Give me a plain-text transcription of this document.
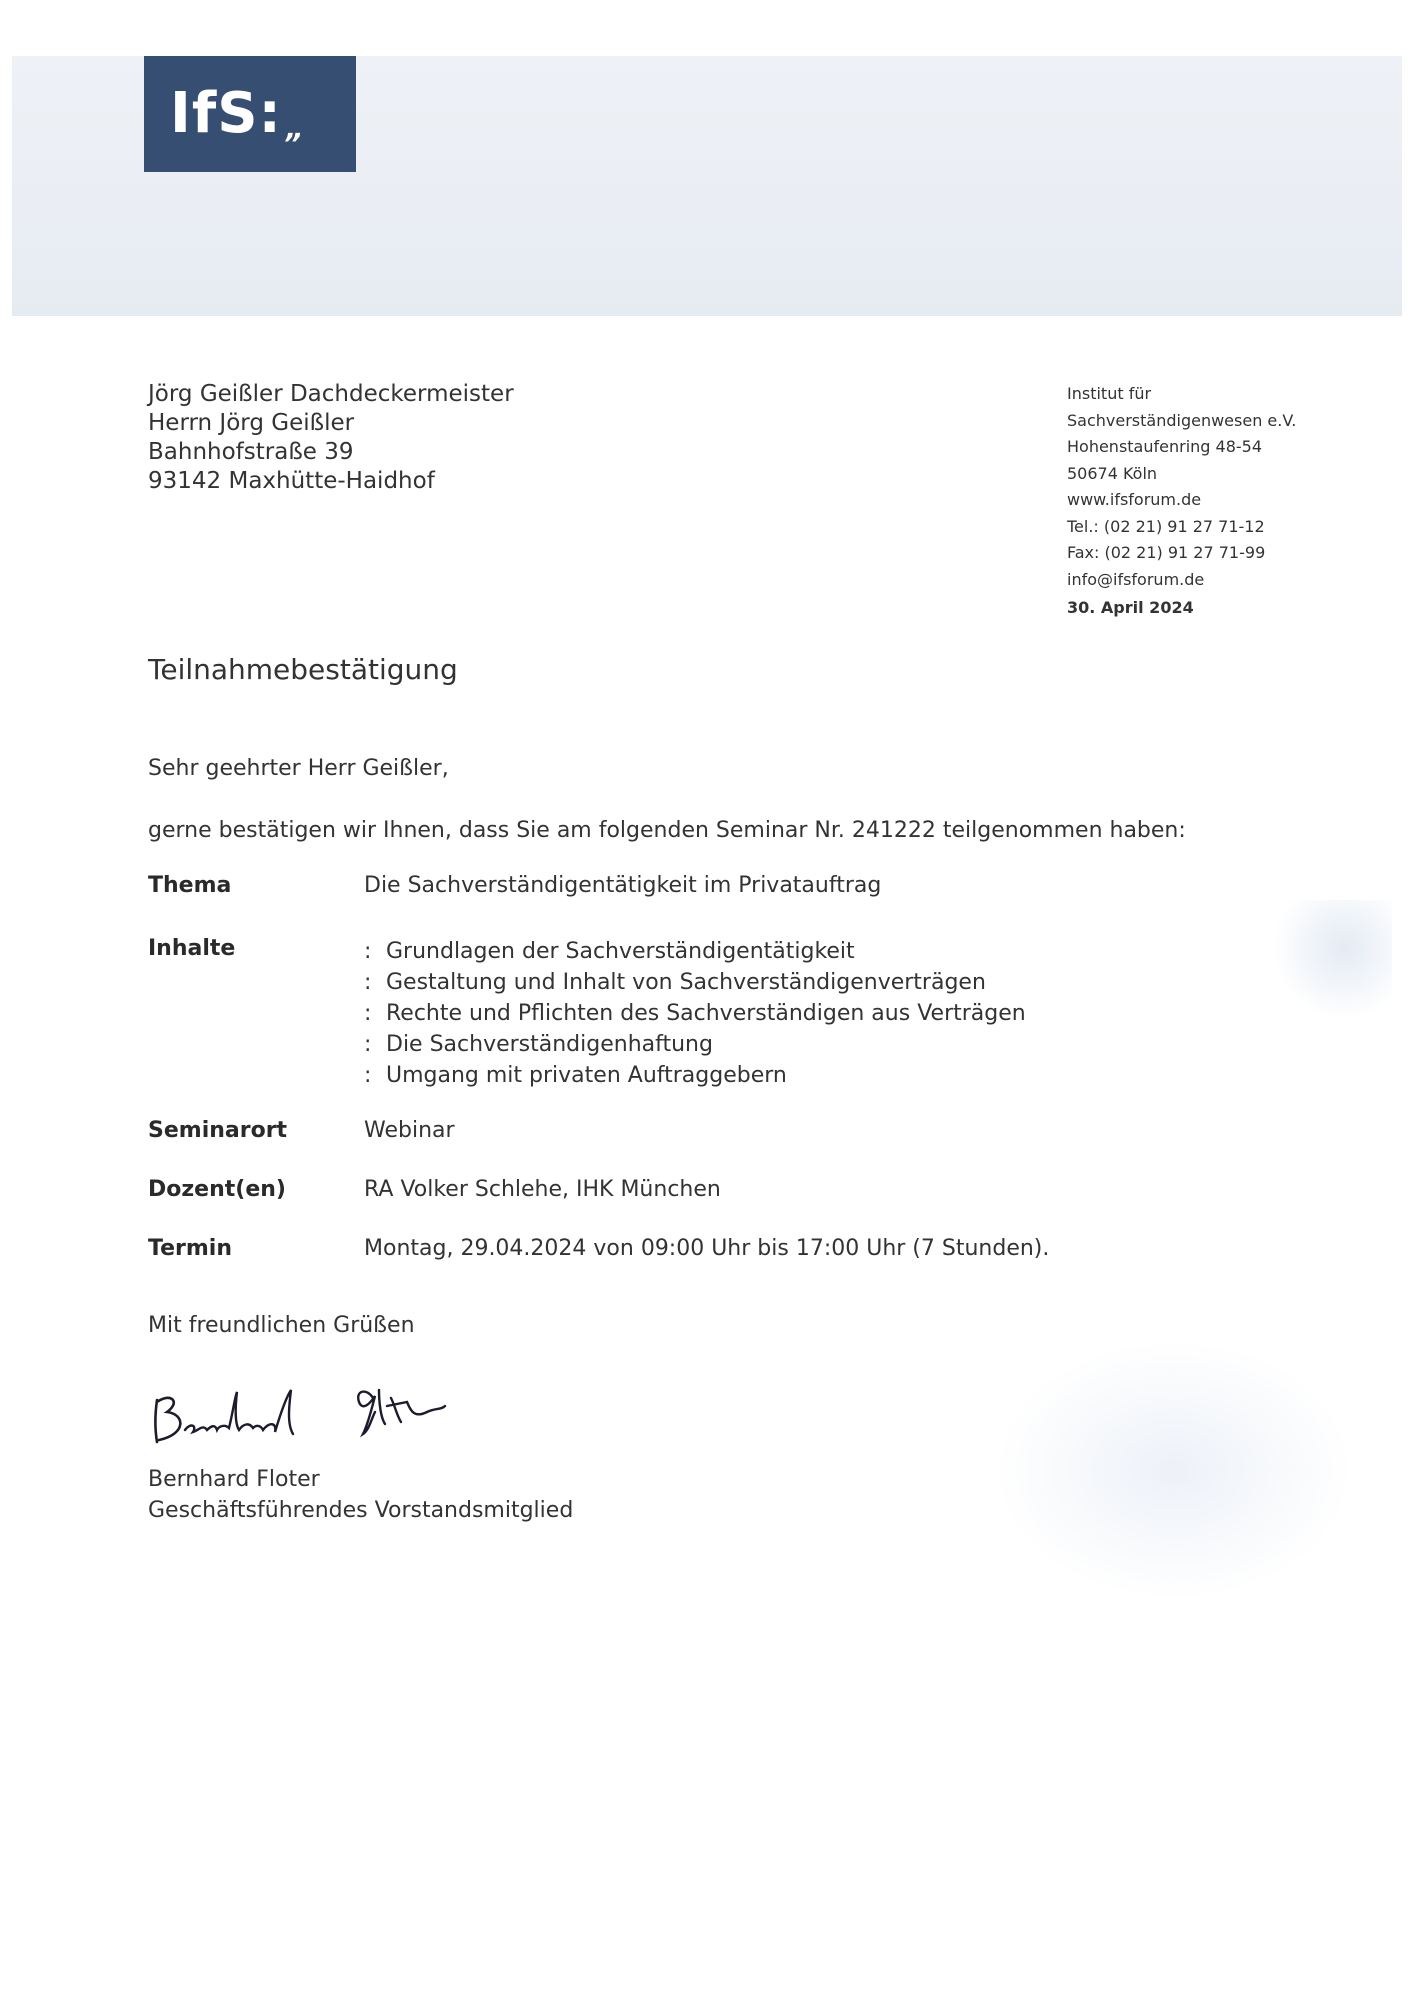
IfS: „
Jörg Geißler Dachdeckermeister
Herrn Jörg Geißler
Bahnhofstraße 39
93142 Maxhütte-Haidhof
Institut für
Sachverständigenwesen e.V.
Hohenstaufenring 48-54
50674 Köln
www.ifsforum.de
Tel.: (02 21) 91 27 71-12
Fax: (02 21) 91 27 71-99
info@ifsforum.de
30. April 2024
Teilnahmebestätigung
Sehr geehrter Herr Geißler,
gerne bestätigen wir Ihnen, dass Sie am folgenden Seminar Nr. 241222 teilgenommen haben:
Thema	Die Sachverständigentätigkeit im Privatauftrag
Inhalte	: Grundlagen der Sachverständigentätigkeit
: Gestaltung und Inhalt von Sachverständigenverträgen
: Rechte und Pflichten des Sachverständigen aus Verträgen
: Die Sachverständigenhaftung
: Umgang mit privaten Auftraggebern
Seminarort	Webinar
Dozent(en)	RA Volker Schlehe, IHK München
Termin	Montag, 29.04.2024 von 09:00 Uhr bis 17:00 Uhr (7 Stunden).
Mit freundlichen Grüßen
Bernhard Floter
Geschäftsführendes Vorstandsmitglied
